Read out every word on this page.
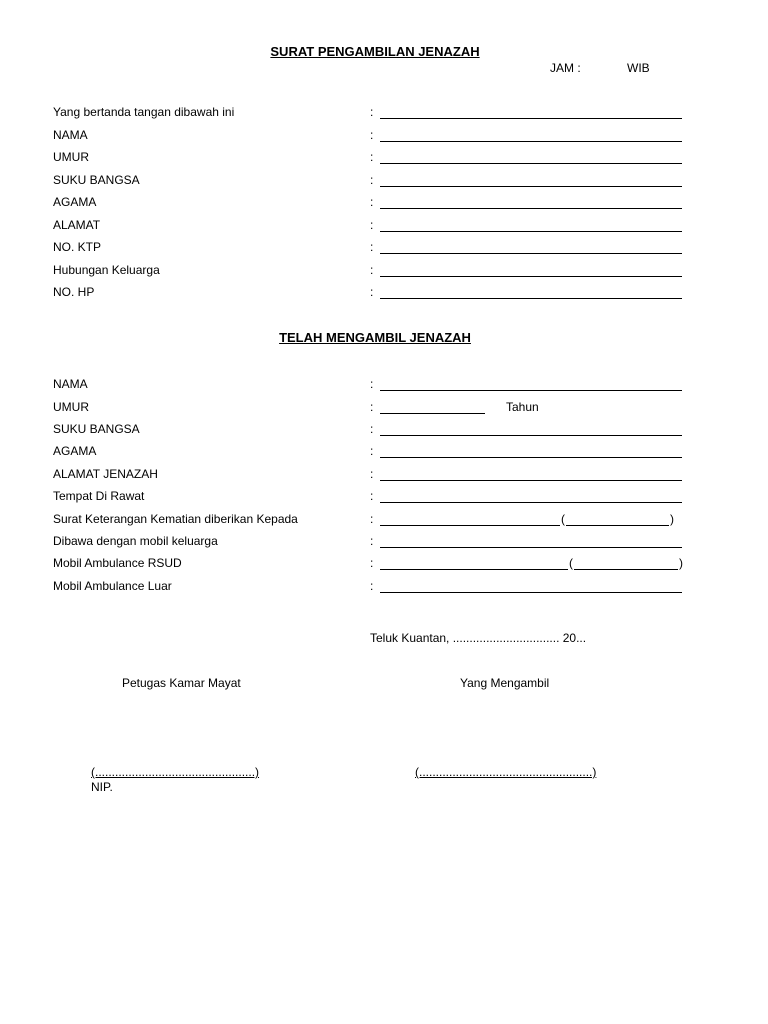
SURAT PENGAMBILAN JENAZAH
JAM :	WIB
Yang bertanda tangan dibawah ini	:
NAMA	:
UMUR	:
SUKU BANGSA	:
AGAMA	:
ALAMAT	:
NO. KTP	:
Hubungan Keluarga	:
NO. HP	:
TELAH MENGAMBIL JENAZAH
NAMA	:
UMUR	:	Tahun
SUKU BANGSA	:
AGAMA	:
ALAMAT JENAZAH	:
Tempat Di Rawat	:
Surat Keterangan Kematian diberikan Kepada	:	(	)
Dibawa dengan mobil keluarga	:
Mobil Ambulance RSUD	:	(	)
Mobil Ambulance Luar	:
Teluk Kuantan, ................................ 20...
Petugas Kamar Mayat	Yang Mengambil
(................................................)	(....................................................)
NIP.
